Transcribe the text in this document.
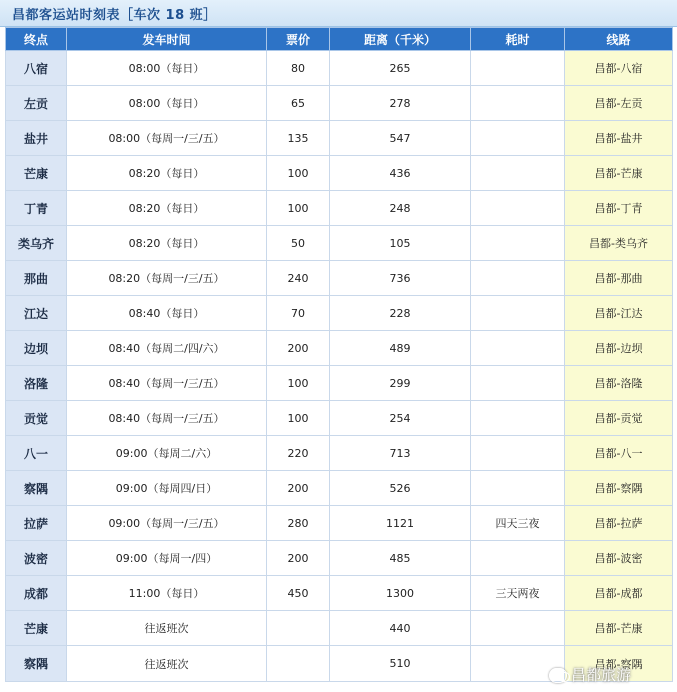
昌都客运站时刻表［车次 18 班］
终点	发车时间	票价	距离（千米）	耗时	线路
八宿	08:00（每日）	80	265		昌都-八宿
左贡	08:00（每日）	65	278		昌都-左贡
盐井	08:00（每周一/三/五）	135	547		昌都-盐井
芒康	08:20（每日）	100	436		昌都-芒康
丁青	08:20（每日）	100	248		昌都-丁青
类乌齐	08:20（每日）	50	105		昌都-类乌齐
那曲	08:20（每周一/三/五）	240	736		昌都-那曲
江达	08:40（每日）	70	228		昌都-江达
边坝	08:40（每周二/四/六）	200	489		昌都-边坝
洛隆	08:40（每周一/三/五）	100	299		昌都-洛隆
贡觉	08:40（每周一/三/五）	100	254		昌都-贡觉
八一	09:00（每周二/六）	220	713		昌都-八一
察隅	09:00（每周四/日）	200	526		昌都-察隅
拉萨	09:00（每周一/三/五）	280	1121	四天三夜	昌都-拉萨
波密	09:00（每周一/四）	200	485		昌都-波密
成都	11:00（每日）	450	1300	三天两夜	昌都-成都
芒康	往返班次		440		昌都-芒康
察隅	往返班次		510		昌都-察隅
昌都旅游
